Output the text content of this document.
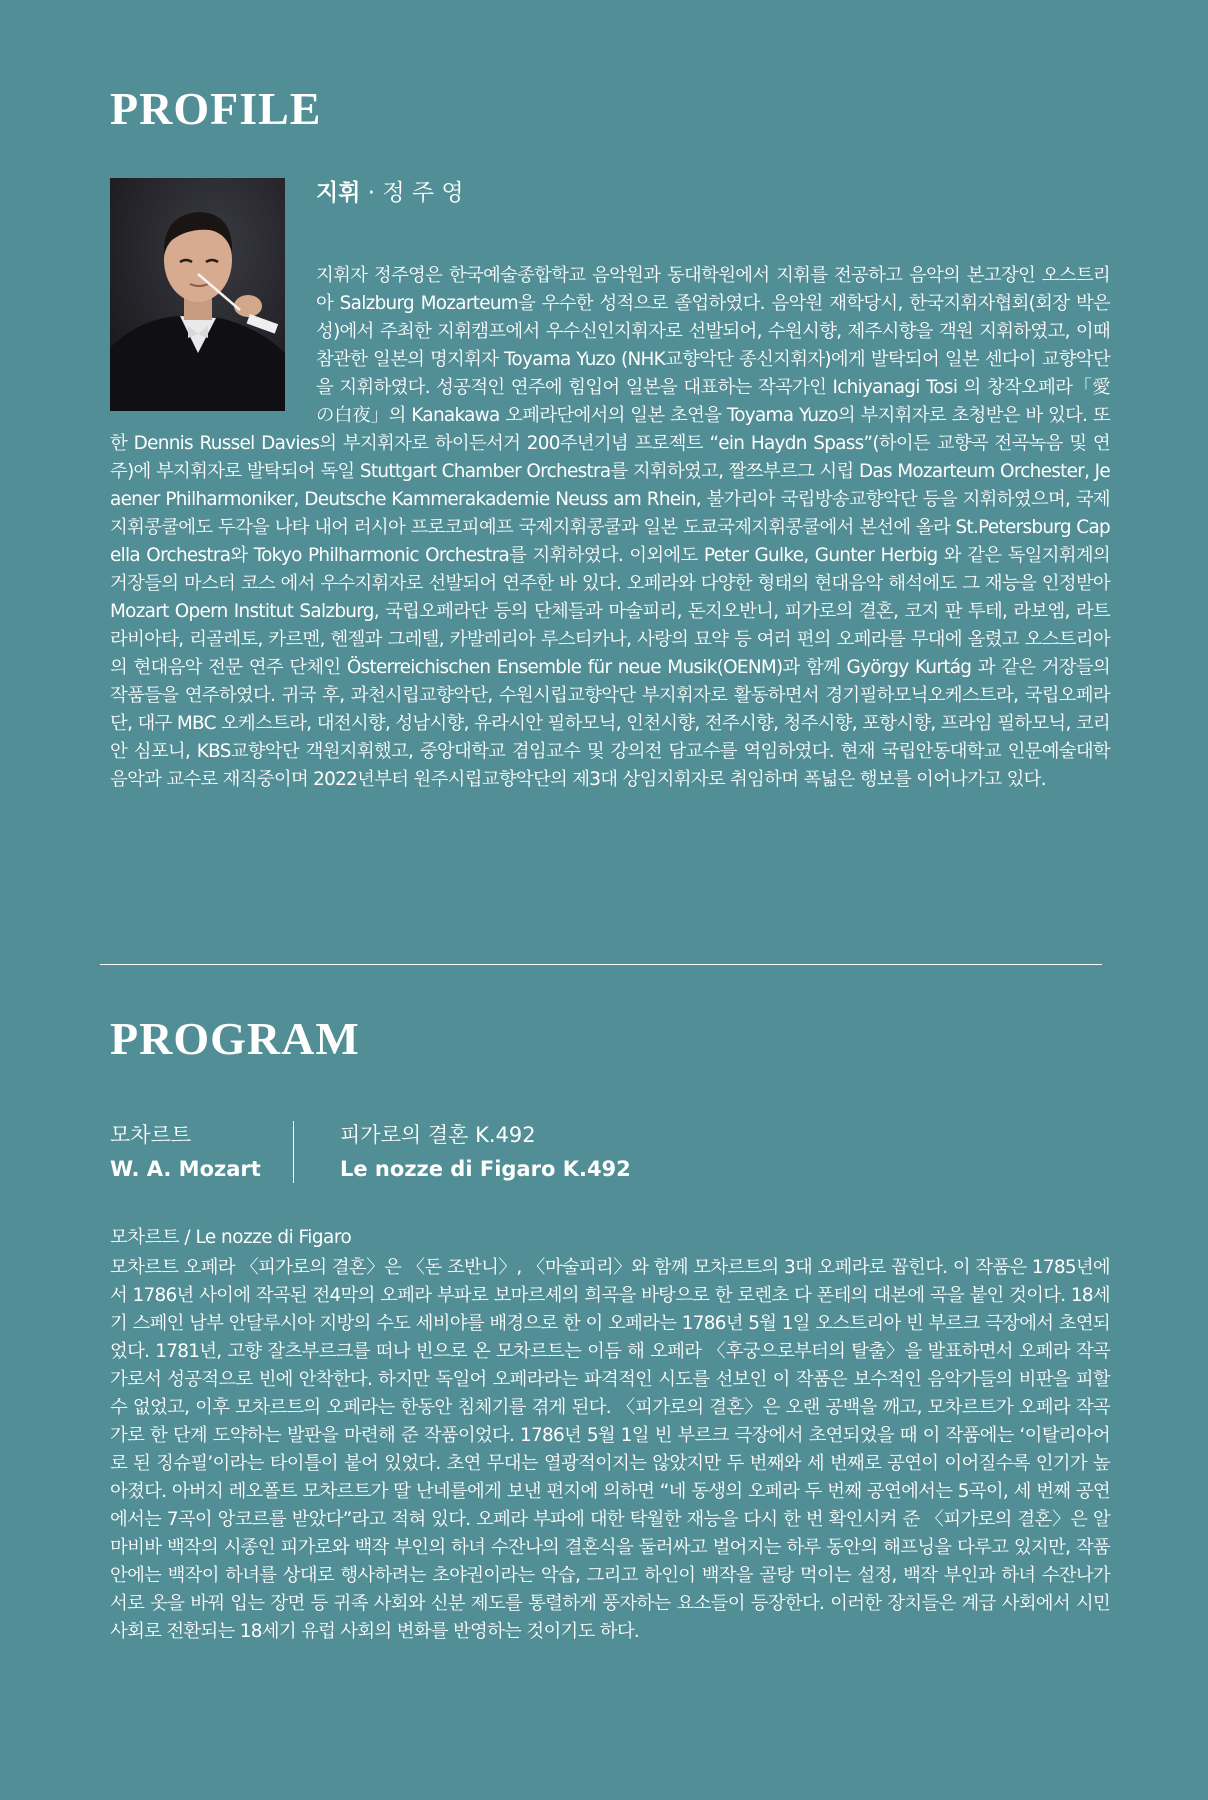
PROFILE
지휘 · 정 주 영

지휘자 정주영은 한국예술종합학교 음악원과 동대학원에서 지휘를 전공하고 음악의 본고장인 오스트리아 Salzburg Mozarteum을 우수한 성적으로 졸업하였다. 음악원 재학당시, 한국지휘자협회(회장 박은성)에서 주최한 지휘캠프에서 우수신인지휘자로 선발되어, 수원시향, 제주시향을 객원 지휘하였고, 이때 참관한 일본의 명지휘자 Toyama Yuzo (NHK교향악단 종신지휘자)에게 발탁되어 일본 센다이 교향악단을 지휘하였다. 성공적인 연주에 힘입어 일본을 대표하는 작곡가인 Ichiyanagi Tosi 의 창작오페라「愛の白夜」의 Kanakawa 오페라단에서의 일본 초연을 Toyama Yuzo의 부지휘자로 초청받은 바 있다. 또한 Dennis Russel Davies의 부지휘자로 하이든서거 200주년기념 프로젝트 “ein Haydn Spass”(하이든 교향곡 전곡녹음 및 연주)에 부지휘자로 발탁되어 독일 Stuttgart Chamber Orchestra를 지휘하였고, 짤쯔부르그 시립 Das Mozarteum Orchester, Jeaener Philharmoniker, Deutsche Kammerakademie Neuss am Rhein, 불가리아 국립방송교향악단 등을 지휘하였으며, 국제지휘콩쿨에도 두각을 나타 내어 러시아 프로코피예프 국제지휘콩쿨과 일본 도쿄국제지휘콩쿨에서 본선에 올라 St.Petersburg Capella Orchestra와 Tokyo Philharmonic Orchestra를 지휘하였다. 이외에도 Peter Gulke, Gunter Herbig 와 같은 독일지휘계의 거장들의 마스터 코스 에서 우수지휘자로 선발되어 연주한 바 있다. 오페라와 다양한 형태의 현대음악 해석에도 그 재능을 인정받아 Mozart Opern Institut Salzburg, 국립오페라단 등의 단체들과 마술피리, 돈지오반니, 피가로의 결혼, 코지 판 투테, 라보엠, 라트라비아타, 리골레토, 카르멘, 헨젤과 그레텔, 카발레리아 루스티카나, 사랑의 묘약 등 여러 편의 오페라를 무대에 올렸고 오스트리아의 현대음악 전문 연주 단체인 Österreichischen Ensemble für neue Musik(OENM)과 함께 György Kurtág 과 같은 거장들의 작품들을 연주하였다. 귀국 후, 과천시립교향악단, 수원시립교향악단 부지휘자로 활동하면서 경기필하모닉오케스트라, 국립오페라단, 대구 MBC 오케스트라, 대전시향, 성남시향, 유라시안 필하모닉, 인천시향, 전주시향, 청주시향, 포항시향, 프라임 필하모닉, 코리안 심포니, KBS교향악단 객원지휘했고, 중앙대학교 겸임교수 및 강의전 담교수를 역임하였다. 현재 국립안동대학교 인문예술대학 음악과 교수로 재직중이며 2022년부터 원주시립교향악단의 제3대 상임지휘자로 취임하며 폭넓은 행보를 이어나가고 있다.

PROGRAM
모차르트
W. A. Mozart
피가로의 결혼 K.492
Le nozze di Figaro K.492
모차르트 / Le nozze di Figaro

모차르트 오페라 〈피가로의 결혼〉은 〈돈 조반니〉, 〈마술피리〉와 함께 모차르트의 3대 오페라로 꼽힌다. 이 작품은 1785년에서 1786년 사이에 작곡된 전4막의 오페라 부파로 보마르셰의 희곡을 바탕으로 한 로렌초 다 폰테의 대본에 곡을 붙인 것이다. 18세기 스페인 남부 안달루시아 지방의 수도 세비야를 배경으로 한 이 오페라는 1786년 5월 1일 오스트리아 빈 부르크 극장에서 초연되었다. 1781년, 고향 잘츠부르크를 떠나 빈으로 온 모차르트는 이듬 해 오페라 〈후궁으로부터의 탈출〉을 발표하면서 오페라 작곡가로서 성공적으로 빈에 안착한다. 하지만 독일어 오페라라는 파격적인 시도를 선보인 이 작품은 보수적인 음악가들의 비판을 피할 수 없었고, 이후 모차르트의 오페라는 한동안 침체기를 겪게 된다. 〈피가로의 결혼〉은 오랜 공백을 깨고, 모차르트가 오페라 작곡가로 한 단계 도약하는 발판을 마련해 준 작품이었다. 1786년 5월 1일 빈 부르크 극장에서 초연되었을 때 이 작품에는 ‘이탈리아어로 된 징슈필’이라는 타이틀이 붙어 있었다. 초연 무대는 열광적이지는 않았지만 두 번째와 세 번째로 공연이 이어질수록 인기가 높아졌다. 아버지 레오폴트 모차르트가 딸 난네를에게 보낸 편지에 의하면 “네 동생의 오페라 두 번째 공연에서는 5곡이, 세 번째 공연에서는 7곡이 앙코르를 받았다”라고 적혀 있다. 오페라 부파에 대한 탁월한 재능을 다시 한 번 확인시켜 준 〈피가로의 결혼〉은 알마비바 백작의 시종인 피가로와 백작 부인의 하녀 수잔나의 결혼식을 둘러싸고 벌어지는 하루 동안의 해프닝을 다루고 있지만, 작품 안에는 백작이 하녀를 상대로 행사하려는 초야권이라는 악습, 그리고 하인이 백작을 골탕 먹이는 설정, 백작 부인과 하녀 수잔나가 서로 옷을 바꿔 입는 장면 등 귀족 사회와 신분 제도를 통렬하게 풍자하는 요소들이 등장한다. 이러한 장치들은 계급 사회에서 시민 사회로 전환되는 18세기 유럽 사회의 변화를 반영하는 것이기도 하다.
